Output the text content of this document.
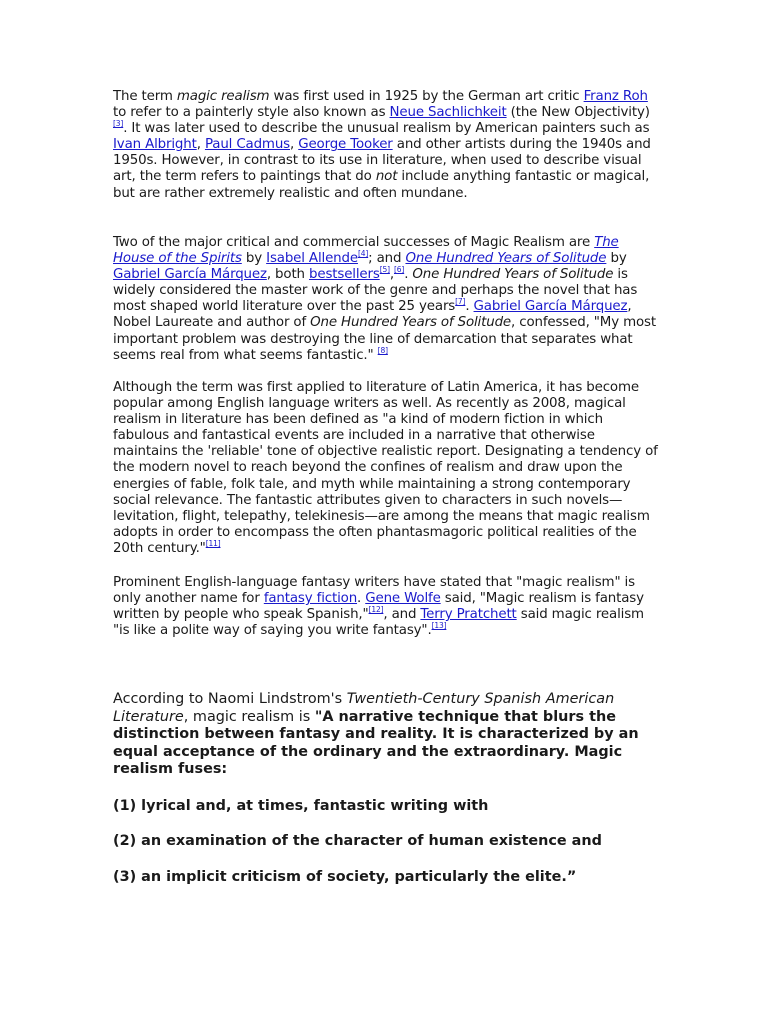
The term magic realism was first used in 1925 by the German art critic Franz Roh to refer to a painterly style also known as Neue Sachlichkeit (the New Objectivity)[3]. It was later used to describe the unusual realism by American painters such as Ivan Albright, Paul Cadmus, George Tooker and other artists during the 1940s and 1950s. However, in contrast to its use in literature, when used to describe visual art, the term refers to paintings that do not include anything fantastic or magical, but are rather extremely realistic and often mundane.

Two of the major critical and commercial successes of Magic Realism are The House of the Spirits by Isabel Allende[4]; and One Hundred Years of Solitude by Gabriel García Márquez, both bestsellers[5],[6]. One Hundred Years of Solitude is widely considered the master work of the genre and perhaps the novel that has most shaped world literature over the past 25 years[7]. Gabriel García Márquez, Nobel Laureate and author of One Hundred Years of Solitude, confessed, "My most important problem was destroying the line of demarcation that separates what seems real from what seems fantastic." [8]

Although the term was first applied to literature of Latin America, it has become popular among English language writers as well. As recently as 2008, magical realism in literature has been defined as "a kind of modern fiction in which fabulous and fantastical events are included in a narrative that otherwise maintains the 'reliable' tone of objective realistic report. Designating a tendency of the modern novel to reach beyond the confines of realism and draw upon the energies of fable, folk tale, and myth while maintaining a strong contemporary social relevance. The fantastic attributes given to characters in such novels—levitation, flight, telepathy, telekinesis—are among the means that magic realism adopts in order to encompass the often phantasmagoric political realities of the 20th century."[11]

Prominent English-language fantasy writers have stated that "magic realism" is only another name for fantasy fiction. Gene Wolfe said, "Magic realism is fantasy written by people who speak Spanish,"[12], and Terry Pratchett said magic realism "is like a polite way of saying you write fantasy".[13]

According to Naomi Lindstrom's Twentieth-Century Spanish American Literature, magic realism is "A narrative technique that blurs the distinction between fantasy and reality. It is characterized by an equal acceptance of the ordinary and the extraordinary. Magic realism fuses:

(1) lyrical and, at times, fantastic writing with

(2) an examination of the character of human existence and

(3) an implicit criticism of society, particularly the elite.”
